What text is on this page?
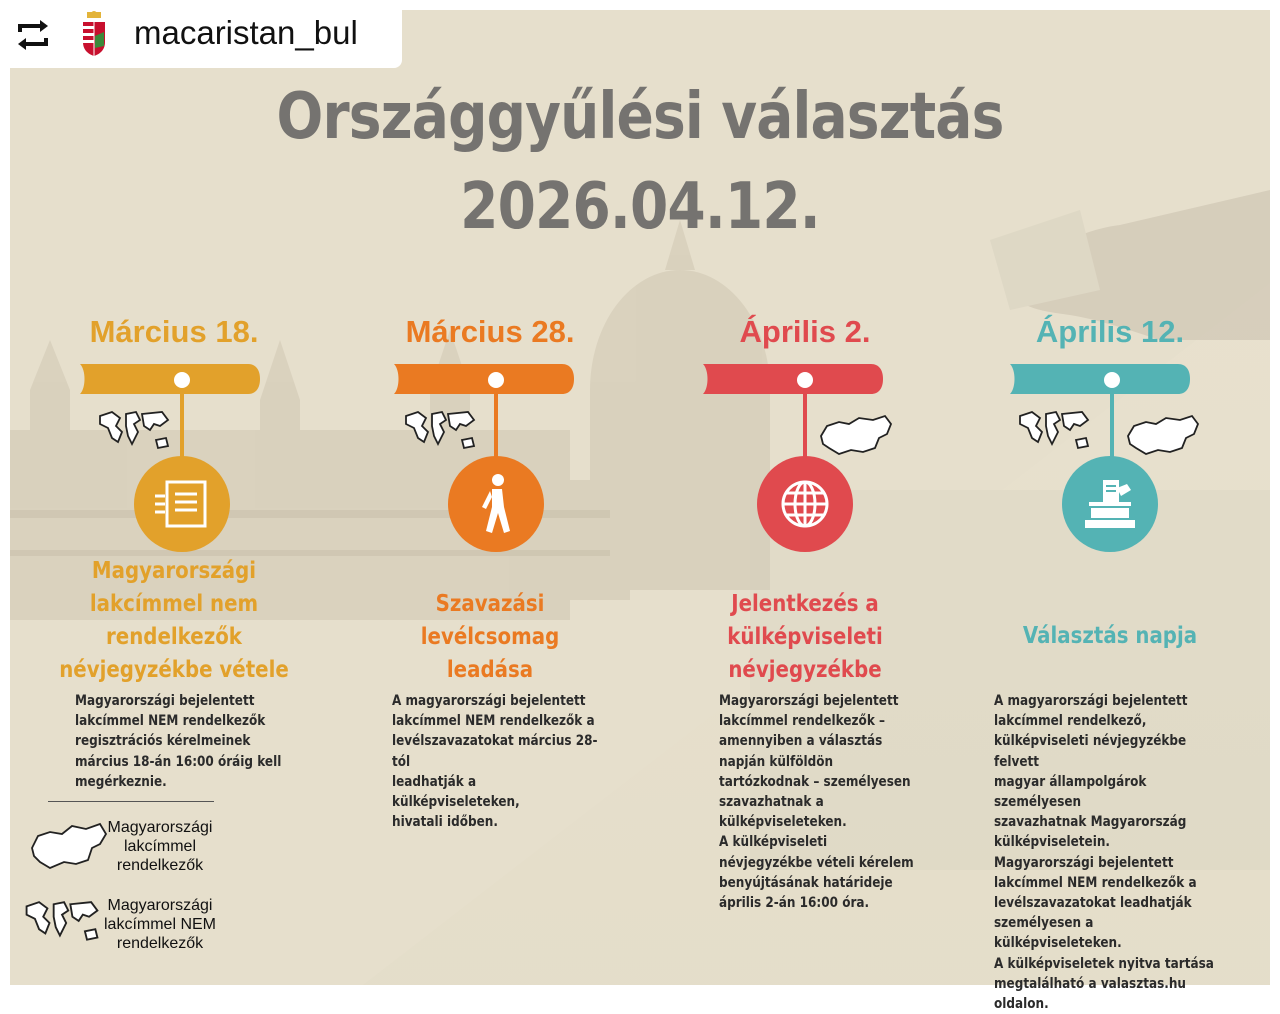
macaristan_bul
Országgyűlési választás
2026.04.12.
Március 18.
Magyarországi
lakcímmel nem
rendelkezők
névjegyzékbe vétele
Magyarországi bejelentett
lakcímmel NEM rendelkezők
regisztrációs kérelmeinek
március 18-án 16:00 óráig kell
megérkeznie.
Március 28.
Szavazási
levélcsomag
leadása
A magyarországi bejelentett
lakcímmel NEM rendelkezők a
levélszavazatokat március 28-tól
leadhatják a külképviseleteken,
hivatali időben.
Április 2.
Jelentkezés a
külképviseleti
névjegyzékbe
Magyarországi bejelentett
lakcímmel rendelkezők –
amennyiben a választás
napján külföldön
tartózkodnak – személyesen
szavazhatnak a
külképviseleteken.
A külképviseleti
névjegyzékbe vételi kérelem
benyújtásának határideje
ápril‌is 2-án 16:00 óra.
Április 12.
Választás napja
A magyarországi bejelentett
lakcímmel rendelkező,
külképviseleti névjegyzékbe felvett
magyar állampolgárok személyesen
szavazhatnak Magyarország
külképviseletein.
Magyarországi bejelentett
lakcímmel NEM rendelkezők a
levélszavazatokat leadhatják
személyesen a külképviseleteken.
A külképviseletek nyitva tartása
megtalálható a valasztas.hu
oldalon.
Magyarországi
lakcímmel
rendelkezők
Magyarországi
lakcímmel NEM
rendelkezők
